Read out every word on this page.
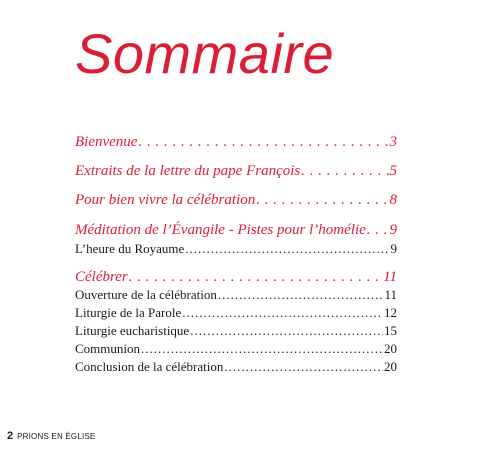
Sommaire
Bienvenue . . .	3
Extraits de la lettre du pape François . . .	5
Pour bien vivre la célébration . . .	8
Méditation de l’Évangile - Pistes pour l’homélie . . . 9
L’heure du Royaume .....	9
Célébrer . . .	11
Ouverture de la célébration .....	11
Liturgie de la Parole .....	12
Liturgie eucharistique .....	15
Communion .....	20
Conclusion de la célébration .....	20
2 PRIONS EN ÉGLISE
